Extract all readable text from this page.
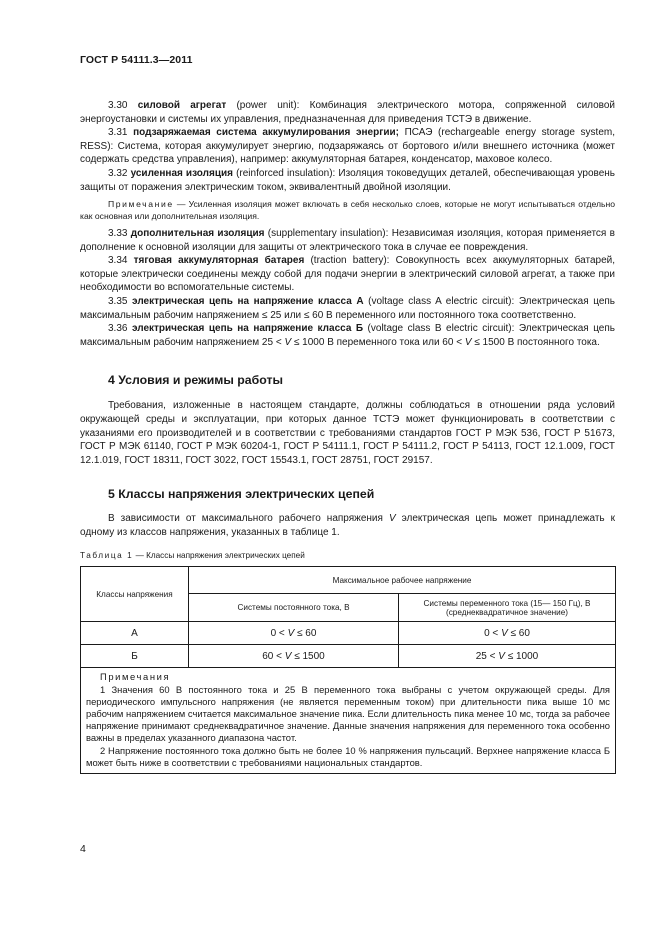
ГОСТ Р 54111.3—2011

3.30 силовой агрегат (power unit): Комбинация электрического мотора, сопряженной силовой энергоустановки и системы их управления, предназначенная для приведения ТСТЭ в движение.

3.31 подзаряжаемая система аккумулирования энергии; ПСАЭ (rechargeable energy storage system, RESS): Система, которая аккумулирует энергию, подзаряжаясь от бортового и/или внешнего источника (может содержать средства управления), например: аккумуляторная батарея, конденсатор, маховое колесо.

3.32 усиленная изоляция (reinforced insulation): Изоляция токоведущих деталей, обеспечивающая уровень защиты от поражения электрическим током, эквивалентный двойной изоляции.

Примечание — Усиленная изоляция может включать в себя несколько слоев, которые не могут испытываться отдельно как основная или дополнительная изоляция.

3.33 дополнительная изоляция (supplementary insulation): Независимая изоляция, которая применяется в дополнение к основной изоляции для защиты от электрического тока в случае ее повреждения.

3.34 тяговая аккумуляторная батарея (traction battery): Совокупность всех аккумуляторных батарей, которые электрически соединены между собой для подачи энергии в электрический силовой агрегат, а также при необходимости во вспомогательные системы.

3.35 электрическая цепь на напряжение класса А (voltage class A electric circuit): Электрическая цепь максимальным рабочим напряжением ≤ 25 или ≤ 60 В переменного или постоянного тока соответственно.

3.36 электрическая цепь на напряжение класса Б (voltage class B electric circuit): Электрическая цепь максимальным рабочим напряжением 25 < V ≤ 1000 В переменного тока или 60 < V ≤ 1500 В постоянного тока.

4 Условия и режимы работы

Требования, изложенные в настоящем стандарте, должны соблюдаться в отношении ряда условий окружающей среды и эксплуатации, при которых данное ТСТЭ может функционировать в соответствии с указаниями его производителей и в соответствии с требованиями стандартов ГОСТ Р МЭК 536, ГОСТ Р 51673, ГОСТ Р МЭК 61140, ГОСТ Р МЭК 60204-1, ГОСТ Р 54111.1, ГОСТ Р 54111.2, ГОСТ Р 54113, ГОСТ 12.1.009, ГОСТ 12.1.019, ГОСТ 18311, ГОСТ 3022, ГОСТ 15543.1, ГОСТ 28751, ГОСТ 29157.

5 Классы напряжения электрических цепей

В зависимости от максимального рабочего напряжения V электрическая цепь может принадлежать к одному из классов напряжения, указанных в таблице 1.

Таблица 1 — Классы напряжения электрических цепей

Классы напряжения	Максимальное рабочее напряжение	
	Системы постоянного тока, В	Системы переменного тока (15— 150 Гц), В (среднеквадратичное значение)
А	0 < V ≤ 60	0 < V ≤ 60
Б	60 < V ≤ 1500	25 < V ≤ 1000

Примечания

1 Значения 60 В постоянного тока и 25 В переменного тока выбраны с учетом окружающей среды. Для периодического импульсного напряжения (не является переменным током) при длительности пика выше 10 мс рабочим напряжением считается максимальное значение пика. Если длительность пика менее 10 мс, тогда за рабочее напряжение принимают среднеквадратичное значение. Данные значения напряжения для переменного тока особенно важны в пределах указанного диапазона частот.

2 Напряжение постоянного тока должно быть не более 10 % напряжения пульсаций. Верхнее напряжение класса Б может быть ниже в соответствии с требованиями национальных стандартов.		

4
